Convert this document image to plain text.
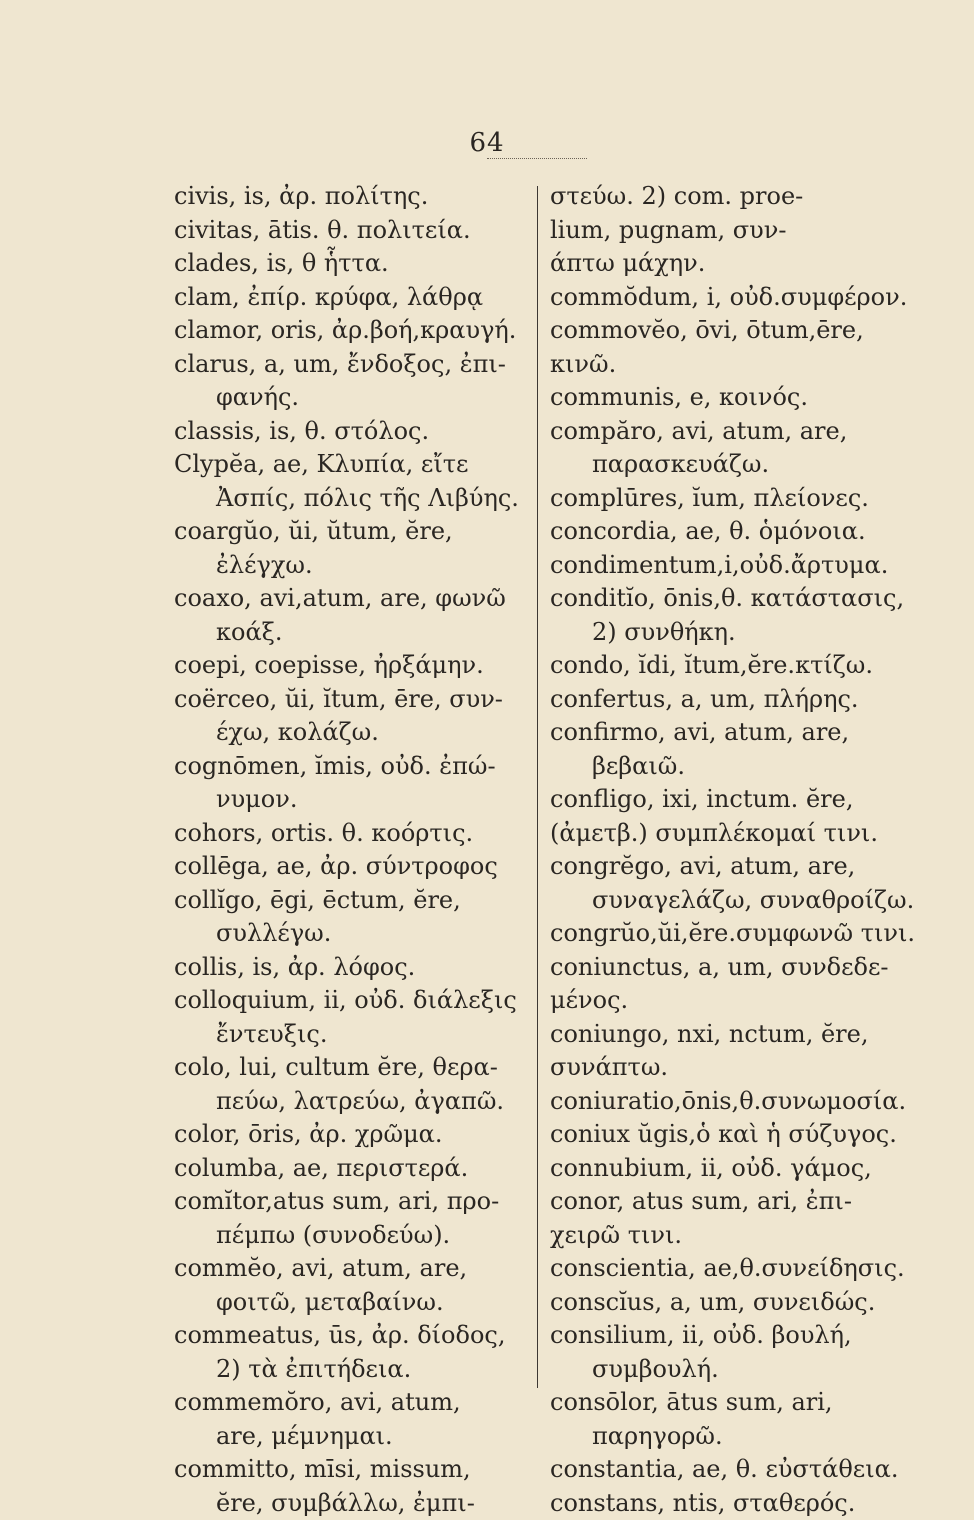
64
civis, is, ἀρ. πολίτης.
civitas, ātis. θ. πολιτεία.
clades, is, θ ἧττα.
clam, ἐπίρ. κρύφα, λάθρᾳ
clamor, oris, ἀρ.βοή,κραυγή.
clarus, a, um, ἔνδοξος, ἐπι-
φανής.
classis, is, θ. στόλος.
Clypĕa, ae, Κλυπία, εἴτε
Ἀσπίς, πόλις τῆς Λιβύης.
coargŭo, ŭi, ŭtum, ĕre,
ἐλέγχω.
coaxo, avi,atum, are, φωνῶ
κοάξ.
coepi, coepisse, ἠρξάμην.
coërceo, ŭi, ĭtum, ēre, συν-
έχω, κολάζω.
cognōmen, ĭmis, οὐδ. ἐπώ-
νυμον.
cohors, ortis. θ. κοόρτις.
collēga, ae, ἀρ. σύντροφος
collĭgo, ēgi, ēctum, ĕre,
συλλέγω.
collis, is, ἀρ. λόφος.
colloquium, ii, οὐδ. διάλεξις
ἔντευξις.
colo, lui, cultum ĕre, θερα-
πεύω, λατρεύω, ἀγαπῶ.
color, ōris, ἀρ. χρῶμα.
columba, ae, περιστερά.
comĭtor,atus sum, ari, προ-
πέμπω (συνοδεύω).
commĕo, avi, atum, are,
φοιτῶ, μεταβαίνω.
commeatus, ūs, ἀρ. δίοδος,
2) τὰ ἐπιτήδεια.
commemŏro, avi, atum,
are, μέμνημαι.
committo, mīsi, missum,
ĕre, συμβάλλω, ἐμπι-
στεύω. 2) com. proe-
lium, pugnam, συν-
άπτω μάχην.
commŏdum, i, οὐδ.συμφέρον.
commovĕo, ōvi, ōtum,ēre,
κινῶ.
communis, e, κοινός.
compăro, avi, atum, are,
παρασκευάζω.
complūres, ĭum, πλείονες.
concordia, ae, θ. ὁμόνοια.
condimentum,i,οὐδ.ἄρτυμα.
conditĭo, ōnis,θ. κατάστασις,
2) συνθήκη.
condo, ĭdi, ĭtum,ĕre.κτίζω.
confertus, a, um, πλήρης.
confirmo, avi, atum, are,
βεβαιῶ.
confligo, ixi, inctum. ĕre,
(ἀμετβ.) συμπλέκομαί τινι.
congrĕgo, avi, atum, are,
συναγελάζω, συναθροίζω.
congrŭo,ŭi,ĕre.συμφωνῶ τινι.
coniunctus, a, um, συνδεδε-
μένος.
coniungo, nxi, nctum, ĕre,
συνάπτω.
coniuratio,ōnis,θ.συνωμοσία.
coniux ŭgis,ὁ καὶ ἡ σύζυγος.
connubium, ii, οὐδ. γάμος,
conor, atus sum, ari, ἐπι-
χειρῶ τινι.
conscientia, ae,θ.συνείδησις.
conscĭus, a, um, συνειδώς.
consilium, ii, οὐδ. βουλή,
συμβουλή.
consōlor, ātus sum, ari,
παρηγορῶ.
constantia, ae, θ. εὐστάθεια.
constans, ntis, σταθερός.
